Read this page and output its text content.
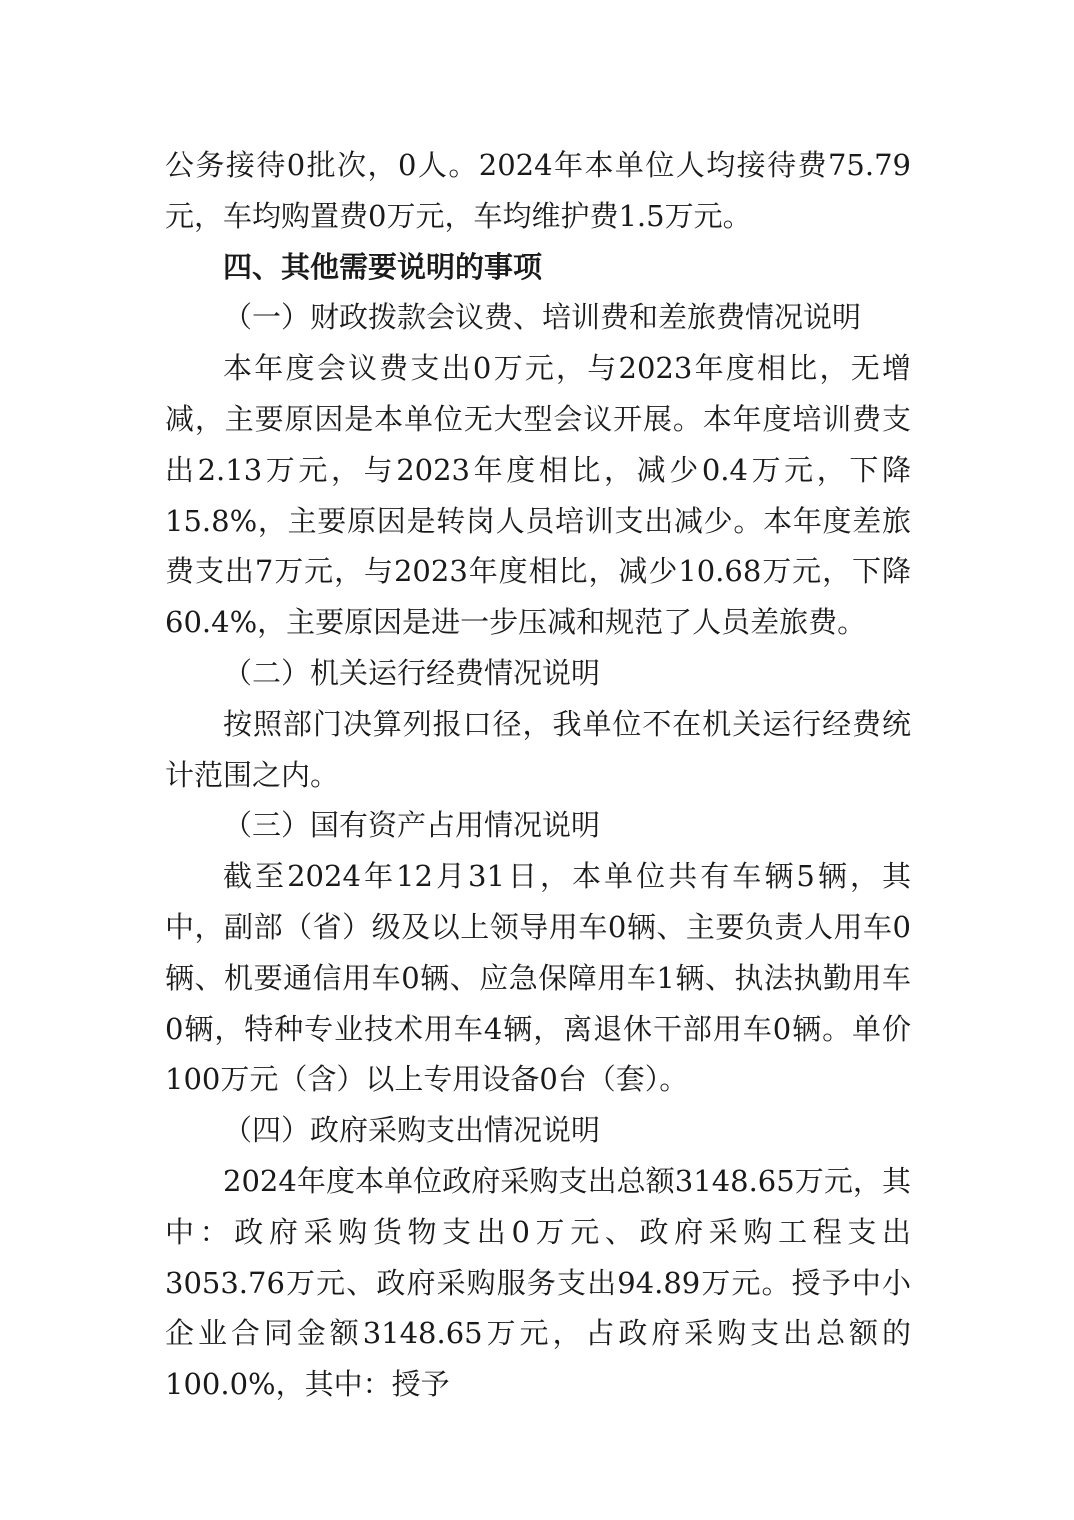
公务接待0批次，0人。2024年本单位人均接待费75.79元，车均购置费0万元，车均维护费1.5万元。

四、其他需要说明的事项

（一）财政拨款会议费、培训费和差旅费情况说明

本年度会议费支出0万元，与2023年度相比，无增减，主要原因是本单位无大型会议开展。本年度培训费支出2.13万元，与2023年度相比，减少0.4万元，下降15.8%，主要原因是转岗人员培训支出减少。本年度差旅费支出7万元，与2023年度相比，减少10.68万元，下降60.4%，主要原因是进一步压减和规范了人员差旅费。

（二）机关运行经费情况说明

按照部门决算列报口径，我单位不在机关运行经费统计范围之内。

（三）国有资产占用情况说明

截至2024年12月31日，本单位共有车辆5辆，其中，副部（省）级及以上领导用车0辆、主要负责人用车0辆、机要通信用车0辆、应急保障用车1辆、执法执勤用车0辆，特种专业技术用车4辆，离退休干部用车0辆。单价100万元（含）以上专用设备0台（套）。

（四）政府采购支出情况说明

2024年度本单位政府采购支出总额3148.65万元，其中：政府采购货物支出0万元、政府采购工程支出3053.76万元、政府采购服务支出94.89万元。授予中小企业合同金额3148.65万元，占政府采购支出总额的100.0%，其中：授予
